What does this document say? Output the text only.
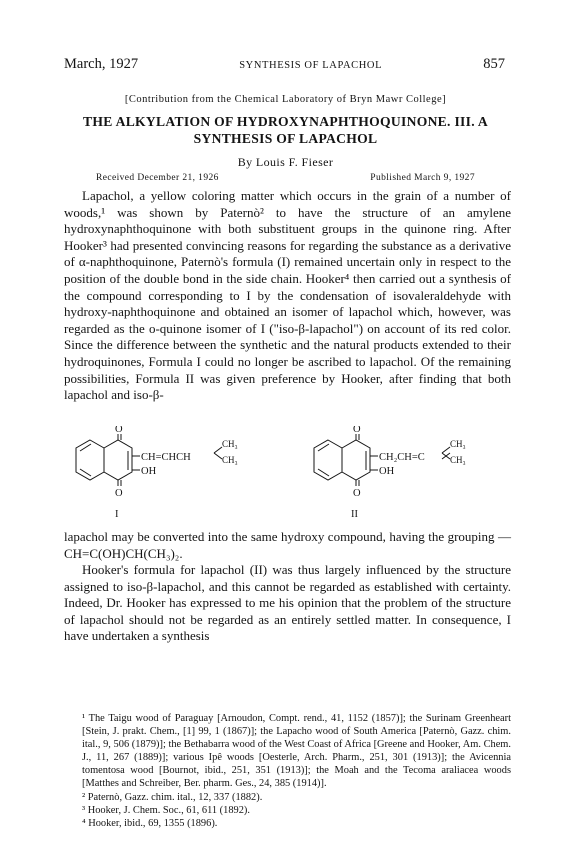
March, 1927	SYNTHESIS OF LAPACHOL	857
[Contribution from the Chemical Laboratory of Bryn Mawr College]
THE ALKYLATION OF HYDROXYNAPHTHOQUINONE. III. A SYNTHESIS OF LAPACHOL
By Louis F. Fieser
Received December 21, 1926	Published March 9, 1927

Lapachol, a yellow coloring matter which occurs in the grain of a number of woods,¹ was shown by Paternò² to have the structure of an amylene hydroxynaphthoquinone with both substituent groups in the quinone ring. After Hooker³ had presented convincing reasons for regarding the substance as a derivative of α-naphthoquinone, Paternò's formula (I) remained uncertain only in respect to the position of the double bond in the side chain. Hooker⁴ then carried out a synthesis of the compound corresponding to I by the condensation of isovaleraldehyde with hydroxy-naphthoquinone and obtained an isomer of lapachol which, however, was regarded as the o-quinone isomer of I ("iso-β-lapachol") on account of its red color. Since the difference between the synthetic and the natural products extended to their hydroquinones, Formula I could no longer be ascribed to lapachol. Of the remaining possibilities, Formula II was given preference by Hooker, after finding that both lapachol and iso-β-

O
CH=CHCH
CH₃
CH₃
OH
O
I
O
CH₂CH=C
CH₃
CH₃
OH
O
II

lapachol may be converted into the same hydroxy compound, having the grouping —CH=C(OH)CH(CH₃)₂.

Hooker's formula for lapachol (II) was thus largely influenced by the structure assigned to iso-β-lapachol, and this cannot be regarded as established with certainty. Indeed, Dr. Hooker has expressed to me his opinion that the problem of the structure of lapachol should not be regarded as an entirely settled matter. In consequence, I have undertaken a synthesis

¹ The Taigu wood of Paraguay [Arnoudon, Compt. rend., 41, 1152 (1857)]; the Surinam Greenheart [Stein, J. prakt. Chem., [1] 99, 1 (1867)]; the Lapacho wood of South America [Paternò, Gazz. chim. ital., 9, 506 (1879)]; the Bethabarra wood of the West Coast of Africa [Greene and Hooker, Am. Chem. J., 11, 267 (1889)]; various Ipê woods [Oesterle, Arch. Pharm., 251, 301 (1913)]; the Avicennia tomentosa wood [Bournot, ibid., 251, 351 (1913)]; the Moah and the Tecoma araliacea woods [Matthes and Schreiber, Ber. pharm. Ges., 24, 385 (1914)].

² Paternò, Gazz. chim. ital., 12, 337 (1882).

³ Hooker, J. Chem. Soc., 61, 611 (1892).

⁴ Hooker, ibid., 69, 1355 (1896).
